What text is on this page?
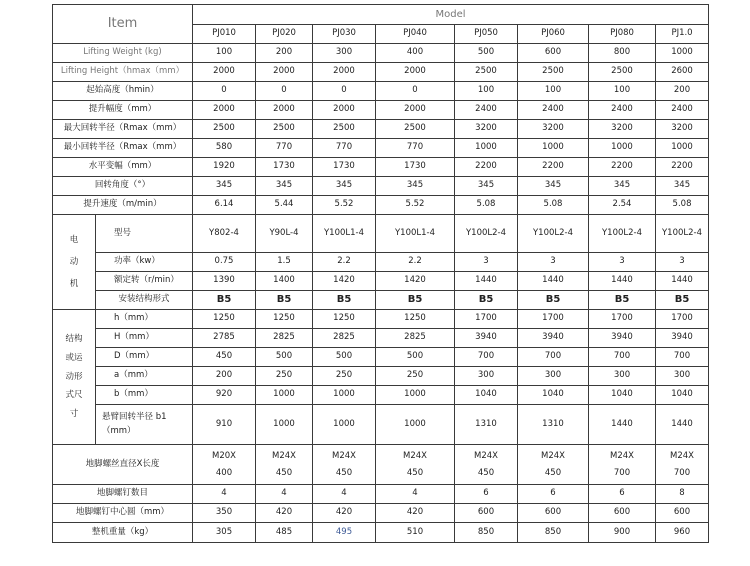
Item		Model							
		PJ010	PJ020	PJ030	PJ040	PJ050	PJ060	PJ080	PJ1.0
Lifting Weight (kg)		100	200	300	400	500	600	800	1000
Lifting Height（hmax（mm）		2000	2000	2000	2000	2500	2500	2500	2600
起始高度（hmin）		0	0	0	0	100	100	100	200
提升幅度（mm）		2000	2000	2000	2000	2400	2400	2400	2400
最大回转半径（Rmax（mm）		2500	2500	2500	2500	3200	3200	3200	3200
最小回转半径（Rmax（mm）		580	770	770	770	1000	1000	1000	1000
水平变幅（mm）		1920	1730	1730	1730	2200	2200	2200	2200
回转角度（°）		345	345	345	345	345	345	345	345
提升速度（m/min）		6.14	5.44	5.52	5.52	5.08	5.08	2.54	5.08
电动机	型号	Y802-4	Y90L-4	Y100L1-4	Y100L1-4	Y100L2-4	Y100L2-4	Y100L2-4	Y100L2-4
	功率（kw）	0.75	1.5	2.2	2.2	3	3	3	3
	额定转（r/min）	1390	1400	1420	1420	1440	1440	1440	1440
	安装结构形式	B5	B5	B5	B5	B5	B5	B5	B5
结构或运动形式尺寸	h（mm）	1250	1250	1250	1250	1700	1700	1700	1700
	H（mm）	2785	2825	2825	2825	3940	3940	3940	3940
	D（mm）	450	500	500	500	700	700	700	700
	a（mm）	200	250	250	250	300	300	300	300
	b（mm）	920	1000	1000	1000	1040	1040	1040	1040
	悬臂回转半径 b1（mm）	910	1000	1000	1000	1310	1310	1440	1440
地脚螺丝直径X长度		M20X 400	M24X 450	M24X 450	M24X 450	M24X 450	M24X 450	M24X 700	M24X 700
地脚螺钉数目		4	4	4	4	6	6	6	8
地脚螺钉中心圆（mm）		350	420	420	420	600	600	600	600
整机重量（kg）		305	485	495	510	850	850	900	960
